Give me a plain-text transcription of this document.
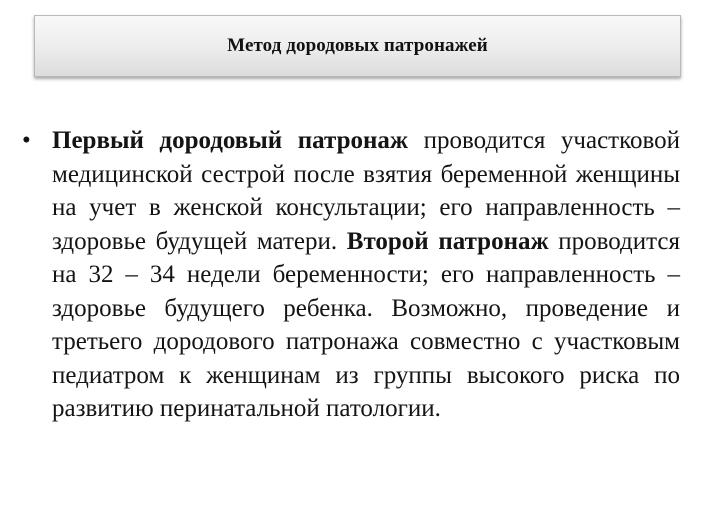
Метод дородовых патронажей
• Первый дородовый патронаж проводится участковой медицинской сестрой после взятия беременной женщины на учет в женской консультации; его направленность – здоровье будущей матери. Второй патронаж проводится на 32 – 34 недели беременности; его направленность – здоровье будущего ребенка. Возможно, проведение и третьего дородового патронажа совместно с участковым педиатром к женщинам из группы высокого риска по развитию перинатальной патологии.
